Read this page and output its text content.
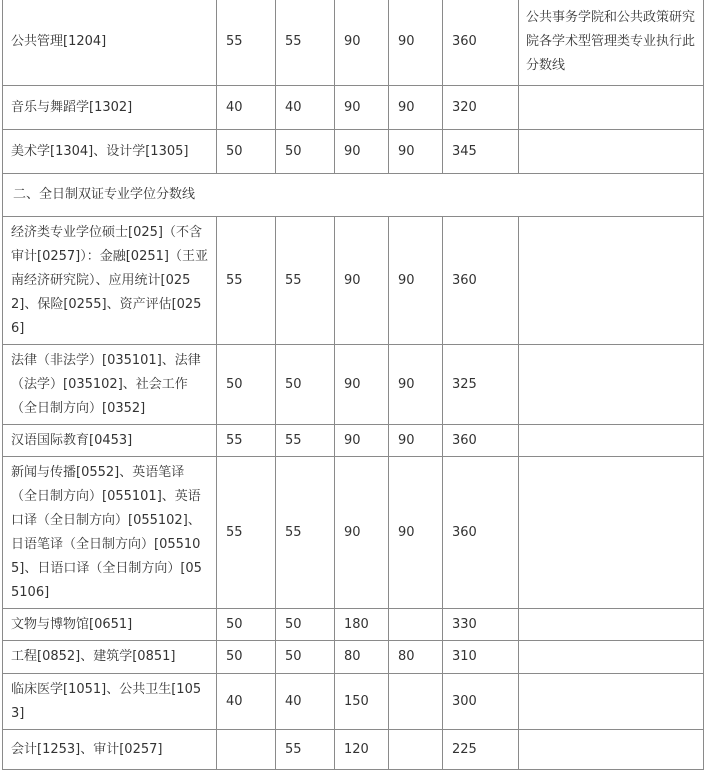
公共管理[1204]	55	55	90	90	360	公共事务学院和公共政策研究院各学术型管理类专业执行此分数线
音乐与舞蹈学[1302]	40	40	90	90	320	
美术学[1304]、设计学[1305]	50	50	90	90	345	
二、全日制双证专业学位分数线						
经济类专业学位硕士[025]（不含审计[0257]）：金融[0251]（王亚南经济研究院）、应用统计[0252]、保险[0255]、资产评估[0256]	55	55	90	90	360	
法律（非法学）[035101]、法律（法学）[035102]、社会工作（全日制方向）[0352]	50	50	90	90	325	
汉语国际教育[0453]	55	55	90	90	360	
新闻与传播[0552]、英语笔译（全日制方向）[055101]、英语口译（全日制方向）[055102]、日语笔译（全日制方向）[055105]、日语口译（全日制方向）[055106]	55	55	90	90	360	
文物与博物馆[0651]	50	50	180		330	
工程[0852]、建筑学[0851]	50	50	80	80	310	
临床医学[1051]、公共卫生[1053]	40	40	150		300	
会计[1253]、审计[0257]		55	120		225	
